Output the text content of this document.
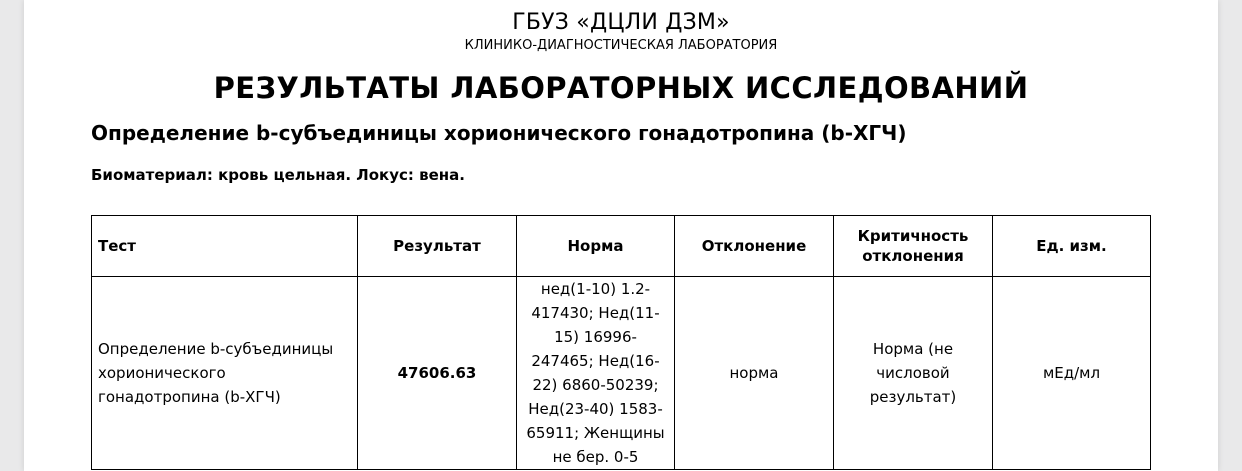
ГБУЗ «ДЦЛИ ДЗМ»
КЛИНИКО-ДИАГНОСТИЧЕСКАЯ ЛАБОРАТОРИЯ
РЕЗУЛЬТАТЫ ЛАБОРАТОРНЫХ ИССЛЕДОВАНИЙ
Определение b-субъединицы хорионического гонадотропина (b-ХГЧ)
Биоматериал: кровь цельная. Локус: вена.
Тест	Результат	Норма	Отклонение	Критичность отклонения	Ед. изм.
Определение b-субъединицы хорионического гонадотропина (b-ХГЧ)	47606.63	нед(1-10) 1.2-417430; Нед(11-15) 16996-247465; Нед(16-22) 6860-50239; Нед(23-40) 1583-65911; Женщины не бер. 0-5	норма	Норма (не числовой результат)	мЕд/мл
